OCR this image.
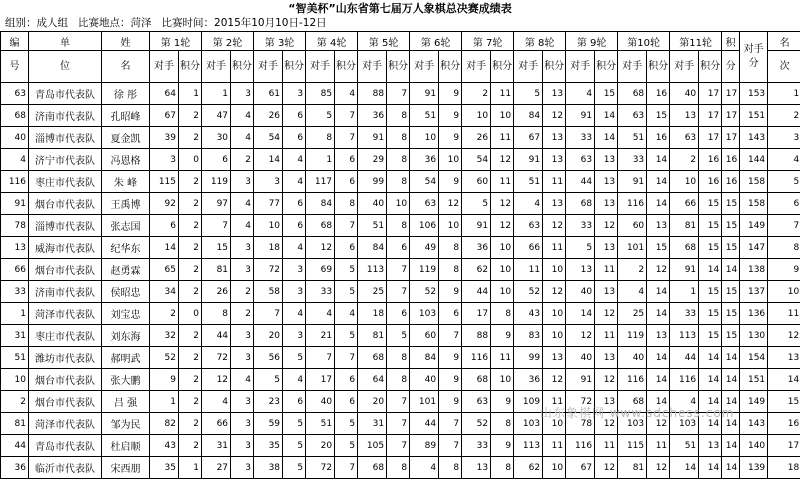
“智美杯”山东省第七届万人象棋总决赛成绩表
组别：成人组   比赛地点：菏泽   比赛时间：2015年10月10日-12日
编	单	姓	第 1轮		第 2轮		第 3轮		第 4轮		第 5轮		第 6轮		第 7轮		第 8轮		第 9轮		第10轮		第11轮		积	对手分	名
号	位	名	对手	积分	对手	积分	对手	积分	对手	积分	对手	积分	对手	积分	对手	积分	对手	积分	对手	积分	对手	积分	对手	积分	分		次
63	青岛市代表队	徐 彤	64	1	1	3	61	3	85	4	88	7	91	9	2	11	5	13	4	15	68	16	40	17	17	153	1
68	济南市代表队	孔昭峰	67	2	47	4	26	6	5	7	36	8	51	9	10	10	84	12	91	14	63	15	13	17	17	151	2
40	淄博市代表队	夏金凯	39	2	30	4	54	6	8	7	91	8	10	9	26	11	67	13	33	14	51	16	63	17	17	143	3
4	济宁市代表队	冯恩格	3	0	6	2	14	4	1	6	29	8	36	10	54	12	91	13	63	13	33	14	2	16	16	144	4
116	枣庄市代表队	朱 峰	115	2	119	3	3	4	117	6	99	8	54	9	60	11	51	11	44	13	91	14	10	16	16	158	5
91	烟台市代表队	王禹博	92	2	97	4	77	6	84	8	40	10	63	12	5	12	4	13	68	13	116	14	66	15	15	158	6
78	淄博市代表队	张志国	6	2	7	4	10	6	68	7	51	8	106	10	91	12	63	12	33	12	60	13	81	15	15	149	7
13	威海市代表队	纪华东	14	2	15	3	18	4	12	6	84	6	49	8	36	10	66	11	5	13	101	15	68	15	15	147	8
66	烟台市代表队	赵勇霖	65	2	81	3	72	3	69	5	113	7	119	8	62	10	11	10	13	11	2	12	91	14	14	138	9
33	济南市代表队	侯昭忠	34	2	26	2	58	3	33	5	25	7	52	9	44	10	52	12	40	13	4	14	1	15	15	137	10
1	菏泽市代表队	刘宝忠	2	0	8	2	7	4	4	4	18	6	103	6	17	8	43	10	14	12	25	14	33	15	15	136	11
31	枣庄市代表队	刘东海	32	2	44	3	20	3	21	5	81	5	60	7	88	9	83	10	12	11	119	13	113	15	15	130	12
51	潍坊市代表队	郝明武	52	2	72	3	56	5	7	7	68	8	84	9	116	11	99	13	40	13	40	14	44	14	14	154	13
10	烟台市代表队	张大鹏	9	2	12	4	5	4	17	6	64	8	40	9	68	10	36	12	91	12	116	14	116	14	14	151	14
2	烟台市代表队	吕 强	1	2	4	3	23	6	40	6	20	7	101	9	63	9	109	11	72	13	68	14	4	14	14	149	15
81	菏泽市代表队	邹为民	82	2	66	3	59	5	51	5	31	7	44	7	52	8	103	10	78	12	103	12	103	14	14	143	16
44	青岛市代表队	杜启顺	43	2	31	3	35	5	20	5	105	7	89	7	33	9	113	11	116	11	115	11	51	13	14	140	17
36	临沂市代表队	宋西朋	35	1	27	3	38	5	72	7	68	8	4	8	13	8	62	10	67	12	81	12	14	14	14	139	18
山东象棋网 www.sdchess.com
